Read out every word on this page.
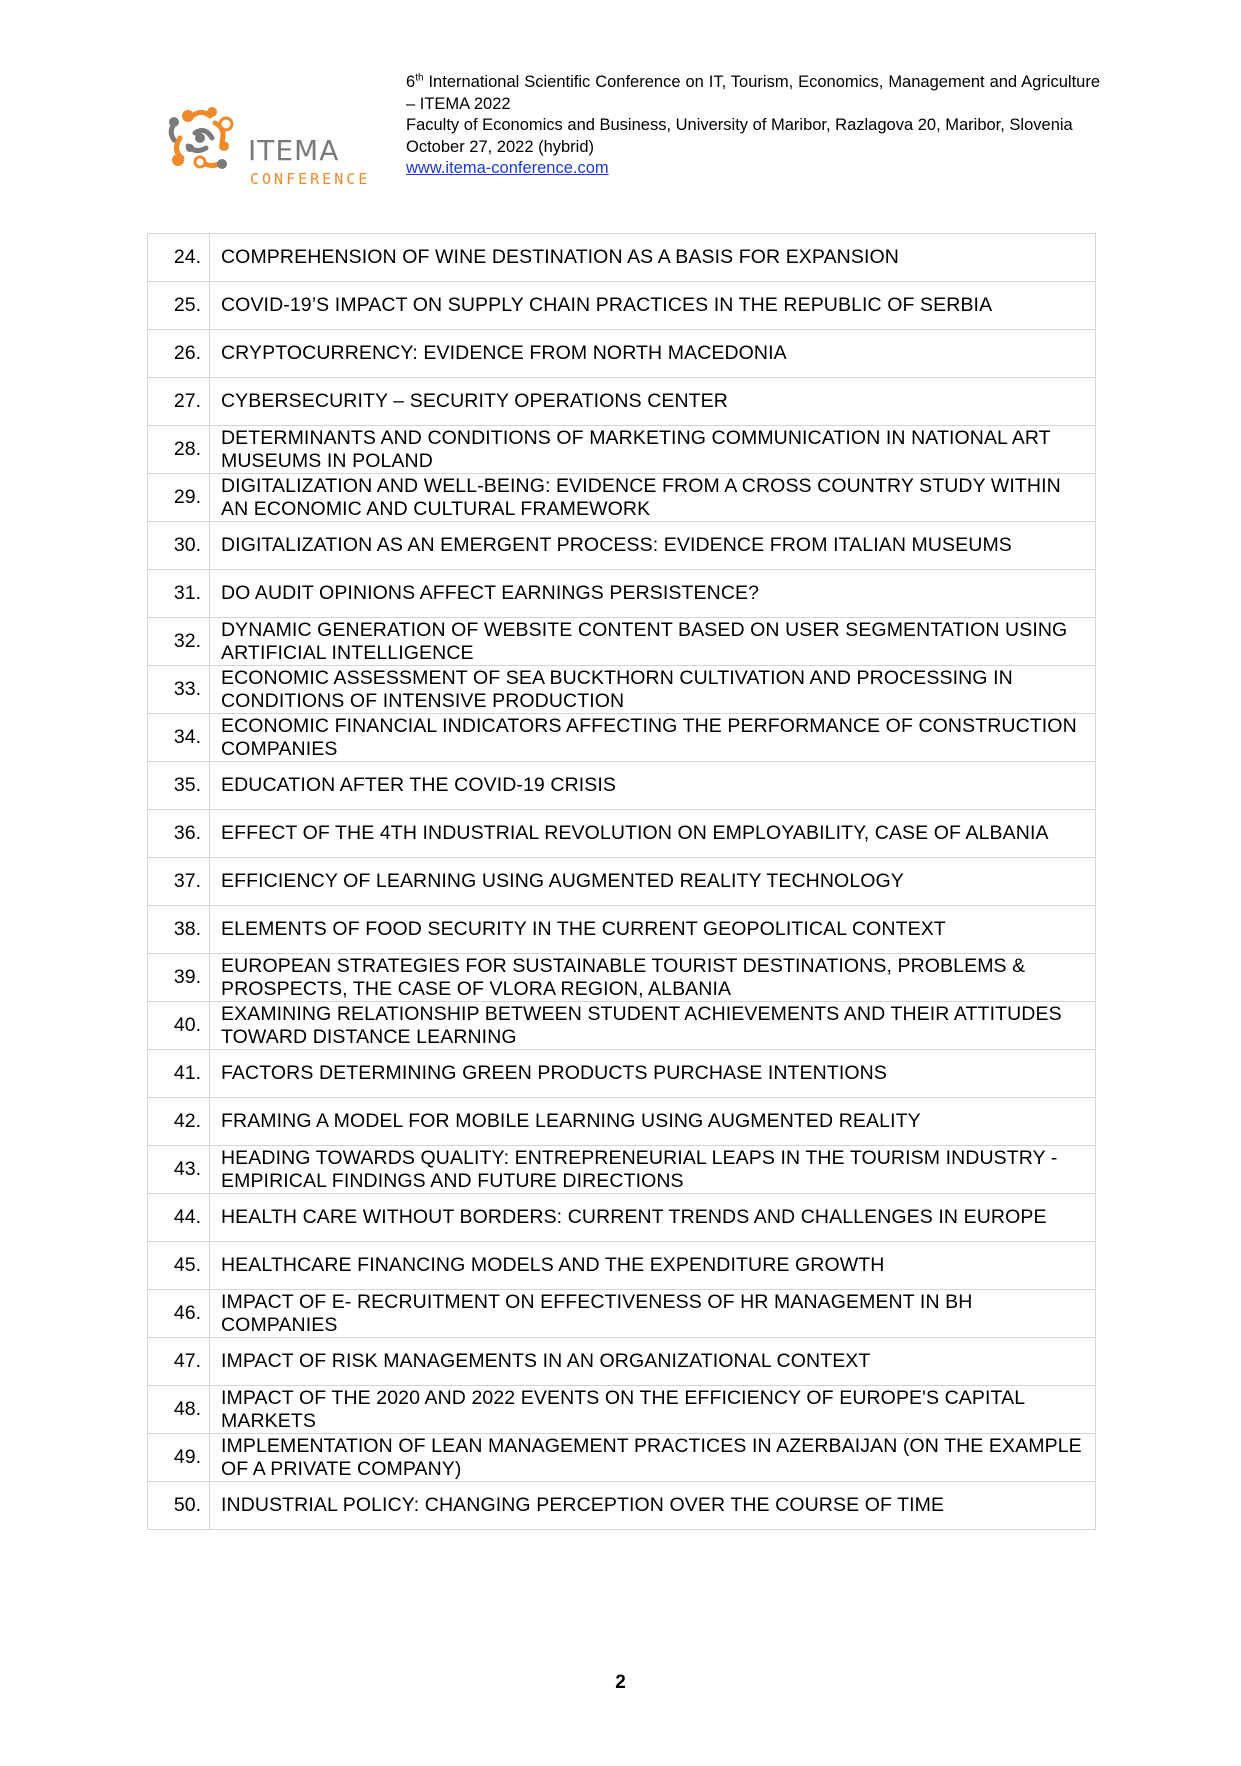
ITEMA
CONFERENCE
6th International Scientific Conference on IT, Tourism, Economics, Management and Agriculture – ITEMA 2022
Faculty of Economics and Business, University of Maribor, Razlagova 20, Maribor, Slovenia
October 27, 2022 (hybrid)
www.itema-conference.com
24.	COMPREHENSION OF WINE DESTINATION AS A BASIS FOR EXPANSION
25.	COVID-19’S IMPACT ON SUPPLY CHAIN PRACTICES IN THE REPUBLIC OF SERBIA
26.	CRYPTOCURRENCY: EVIDENCE FROM NORTH MACEDONIA
27.	CYBERSECURITY – SECURITY OPERATIONS CENTER
28.	DETERMINANTS AND CONDITIONS OF MARKETING COMMUNICATION IN NATIONAL ART MUSEUMS IN POLAND
29.	DIGITALIZATION AND WELL-BEING: EVIDENCE FROM A CROSS COUNTRY STUDY WITHIN AN ECONOMIC AND CULTURAL FRAMEWORK
30.	DIGITALIZATION AS AN EMERGENT PROCESS: EVIDENCE FROM ITALIAN MUSEUMS
31.	DO AUDIT OPINIONS AFFECT EARNINGS PERSISTENCE?
32.	DYNAMIC GENERATION OF WEBSITE CONTENT BASED ON USER SEGMENTATION USING ARTIFICIAL INTELLIGENCE
33.	ECONOMIC ASSESSMENT OF SEA BUCKTHORN CULTIVATION AND PROCESSING IN CONDITIONS OF INTENSIVE PRODUCTION
34.	ECONOMIC FINANCIAL INDICATORS AFFECTING THE PERFORMANCE OF CONSTRUCTION COMPANIES
35.	EDUCATION AFTER THE COVID-19 CRISIS
36.	EFFECT OF THE 4TH INDUSTRIAL REVOLUTION ON EMPLOYABILITY, CASE OF ALBANIA
37.	EFFICIENCY OF LEARNING USING AUGMENTED REALITY TECHNOLOGY
38.	ELEMENTS OF FOOD SECURITY IN THE CURRENT GEOPOLITICAL CONTEXT
39.	EUROPEAN STRATEGIES FOR SUSTAINABLE TOURIST DESTINATIONS, PROBLEMS & PROSPECTS, THE CASE OF VLORA REGION, ALBANIA
40.	EXAMINING RELATIONSHIP BETWEEN STUDENT ACHIEVEMENTS AND THEIR ATTITUDES TOWARD DISTANCE LEARNING
41.	FACTORS DETERMINING GREEN PRODUCTS PURCHASE INTENTIONS
42.	FRAMING A MODEL FOR MOBILE LEARNING USING AUGMENTED REALITY
43.	HEADING TOWARDS QUALITY: ENTREPRENEURIAL LEAPS IN THE TOURISM INDUSTRY - EMPIRICAL FINDINGS AND FUTURE DIRECTIONS
44.	HEALTH CARE WITHOUT BORDERS: CURRENT TRENDS AND CHALLENGES IN EUROPE
45.	HEALTHCARE FINANCING MODELS AND THE EXPENDITURE GROWTH
46.	IMPACT OF E- RECRUITMENT ON EFFECTIVENESS OF HR MANAGEMENT IN BH COMPANIES
47.	IMPACT OF RISK MANAGEMENTS IN AN ORGANIZATIONAL CONTEXT
48.	IMPACT OF THE 2020 AND 2022 EVENTS ON THE EFFICIENCY OF EUROPE'S CAPITAL MARKETS
49.	IMPLEMENTATION OF LEAN MANAGEMENT PRACTICES IN AZERBAIJAN (ON THE EXAMPLE OF A PRIVATE COMPANY)
50.	INDUSTRIAL POLICY: CHANGING PERCEPTION OVER THE COURSE OF TIME
2
